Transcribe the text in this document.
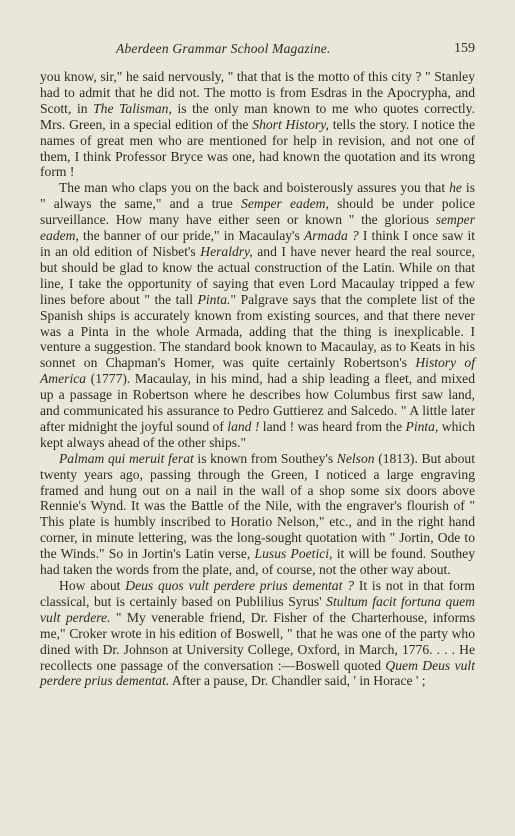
Aberdeen Grammar School Magazine.	159

you know, sir," he said nervously, " that that is the motto of this city ? " Stanley had to admit that he did not. The motto is from Esdras in the Apocrypha, and Scott, in The Talisman, is the only man known to me who quotes correctly. Mrs. Green, in a special edition of the Short History, tells the story. I notice the names of great men who are mentioned for help in revision, and not one of them, I think Professor Bryce was one, had known the quotation and its wrong form !

The man who claps you on the back and boisterously assures you that he is " always the same," and a true Semper eadem, should be under police surveillance. How many have either seen or known " the glorious semper eadem, the banner of our pride," in Macaulay's Armada ? I think I once saw it in an old edition of Nisbet's Heraldry, and I have never heard the real source, but should be glad to know the actual construction of the Latin. While on that line, I take the opportunity of saying that even Lord Macaulay tripped a few lines before about " the tall Pinta." Palgrave says that the complete list of the Spanish ships is accurately known from existing sources, and that there never was a Pinta in the whole Armada, adding that the thing is inexplicable. I venture a suggestion. The standard book known to Macaulay, as to Keats in his sonnet on Chapman's Homer, was quite certainly Robertson's History of America (1777). Macaulay, in his mind, had a ship leading a fleet, and mixed up a passage in Robertson where he describes how Columbus first saw land, and communicated his assurance to Pedro Guttierez and Salcedo. " A little later after midnight the joyful sound of land ! land ! was heard from the Pinta, which kept always ahead of the other ships."

Palmam qui meruit ferat is known from Southey's Nelson (1813). But about twenty years ago, passing through the Green, I noticed a large engraving framed and hung out on a nail in the wall of a shop some six doors above Rennie's Wynd. It was the Battle of the Nile, with the engraver's flourish of " This plate is humbly inscribed to Horatio Nelson," etc., and in the right hand corner, in minute lettering, was the long-sought quotation with " Jortin, Ode to the Winds." So in Jortin's Latin verse, Lusus Poetici, it will be found. Southey had taken the words from the plate, and, of course, not the other way about.

How about Deus quos vult perdere prius dementat ? It is not in that form classical, but is certainly based on Publilius Syrus' Stultum facit fortuna quem vult perdere. " My venerable friend, Dr. Fisher of the Charterhouse, informs me," Croker wrote in his edition of Boswell, " that he was one of the party who dined with Dr. Johnson at University College, Oxford, in March, 1776. . . . He recollects one passage of the conversation :—Boswell quoted Quem Deus vult perdere prius dementat. After a pause, Dr. Chandler said, ' in Horace ' ;
